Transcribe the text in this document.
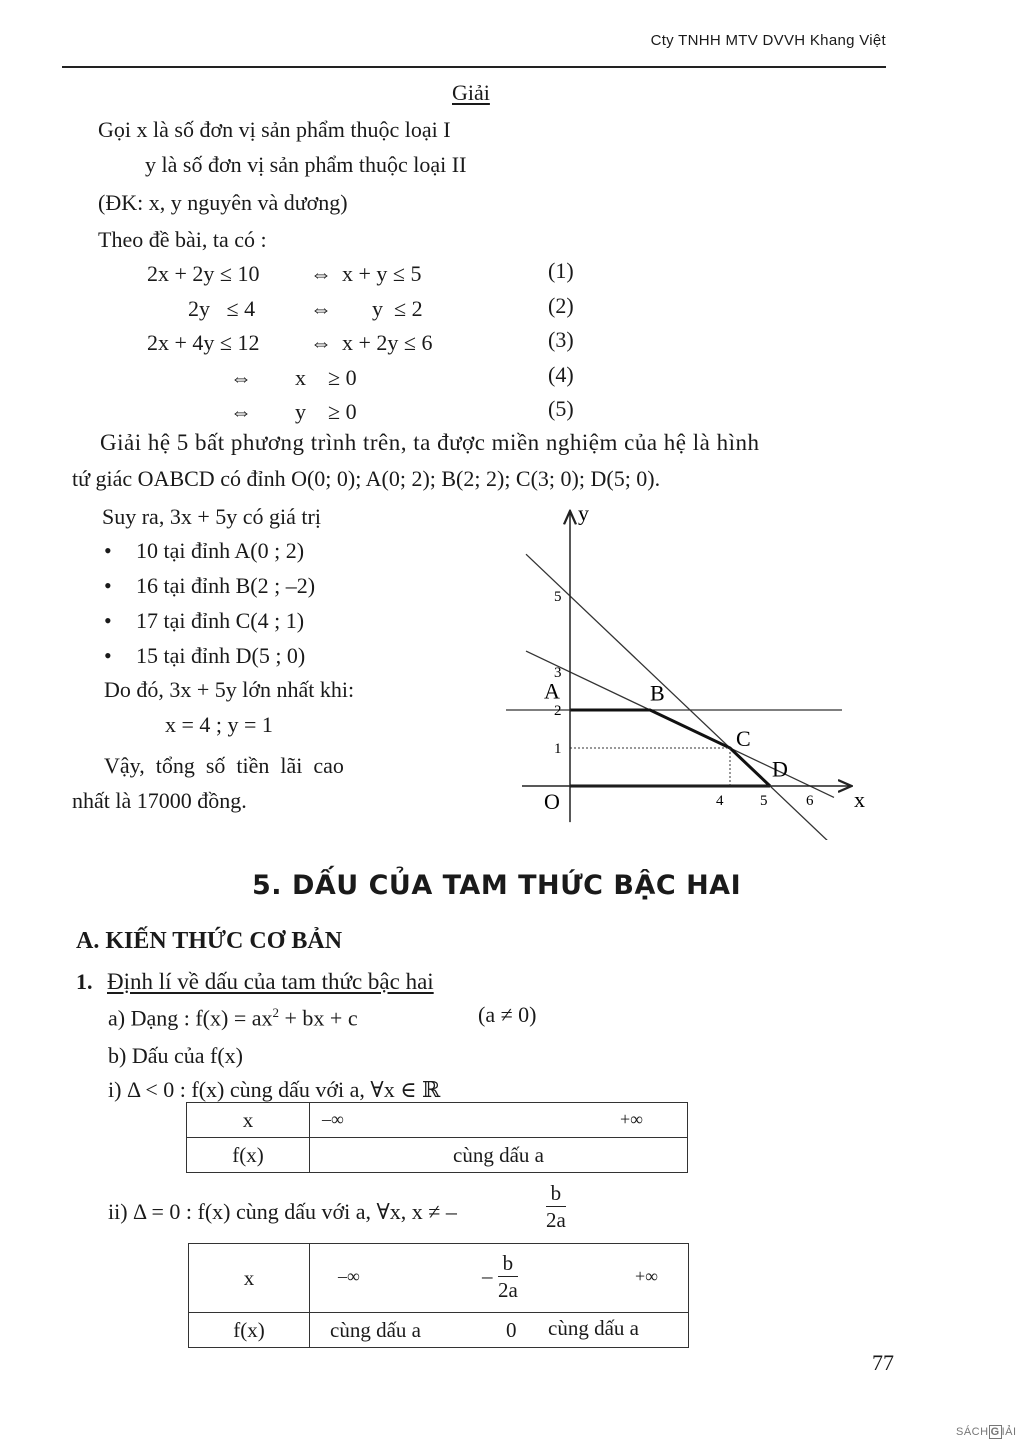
Cty TNHH MTV DVVH Khang Việt
Giải
Gọi x là số đơn vị sản phẩm thuộc loại I
y là số đơn vị sản phẩm thuộc loại II
(ĐK: x, y nguyên và dương)
Theo đề bài, ta có :
2x + 2y ≤ 10 ⇔ x + y ≤ 5	(1)
2y   ≤ 4 ⇔ y  ≤ 2	(2)
2x + 4y ≤ 12 ⇔ x + 2y ≤ 6	(3)
⇔ x    ≥ 0	(4)
⇔ y    ≥ 0	(5)
Giải hệ 5 bất phương trình trên, ta được miền nghiệm của hệ là hình
tứ giác OABCD có đỉnh O(0; 0); A(0; 2); B(2; 2); C(3; 0); D(5; 0).
Suy ra, 3x + 5y có giá trị
• 10 tại đỉnh A(0 ; 2)
• 16 tại đỉnh B(2 ; –2)
• 17 tại đỉnh C(4 ; 1)
• 15 tại đỉnh D(5 ; 0)
Do đó, 3x + 5y lớn nhất khi:
x = 4 ; y = 1
Vậy,  tổng  số  tiền  lãi  cao
nhất là 17000 đồng.	x
y
O	4 5	6
1
2
3
5
A	B
C
D
5. DẤU CỦA TAM THỨC BẬC HAI
A. KIẾN THỨC CƠ BẢN
1. Định lí về dấu của tam thức bậc hai
a) Dạng : $f(x) = ax^2$ + bx + c	(a ≠ 0)
b) Dấu của f(x)
i) Δ < 0 : f(x) cùng dấu với a, ∀x ∈ ℝ
x	–∞ +∞

f(x)	cùng dấu a
ii) Δ = 0 : f(x) cùng dấu với a, ∀x, x ≠ –	$\frac{b}{2a}$
x	–∞ – $\frac{b}{2a}$ +∞

f(x)	cùng dấu a 0 cùng dấu a
77
SÁCH G IẢI
